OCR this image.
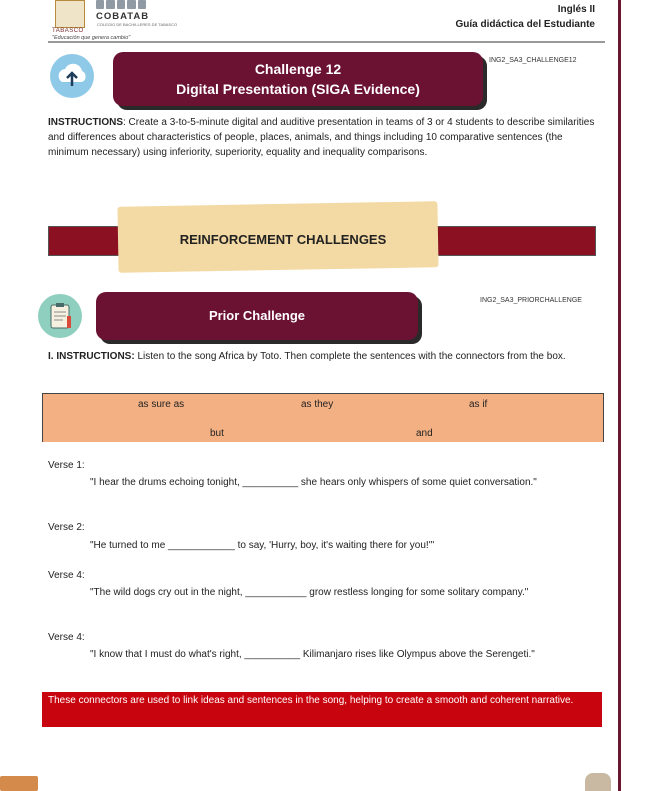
TABASCO
COBATAB
COLEGIO DE BACHILLERES DE TABASCO
"Educación que genera cambio"
Inglés II
Guía didáctica del Estudiante
Challenge 12
Digital Presentation (SIGA Evidence)
ING2_SA3_CHALLENGE12
INSTRUCTIONS: Create a 3-to-5-minute digital and auditive presentation in teams of 3 or 4 students to describe similarities and differences about characteristics of people, places, animals, and things including 10 comparative sentences (the minimum necessary) using inferiority, superiority, equality and inequality comparisons.
REINFORCEMENT CHALLENGES
Prior Challenge
ING2_SA3_PRIORCHALLENGE
I. INSTRUCTIONS: Listen to the song Africa by Toto. Then complete the sentences with the connectors from the box.
as sure as	as they	as if
but	and
Verse 1:
"I hear the drums echoing tonight, __________ she hears only whispers of some quiet conversation."
Verse 2:
"He turned to me ____________ to say, 'Hurry, boy, it's waiting there for you!'"
Verse 4:
"The wild dogs cry out in the night, ___________ grow restless longing for some solitary company."
Verse 4:
"I know that I must do what's right, __________ Kilimanjaro rises like Olympus above the Serengeti."
These connectors are used to link ideas and sentences in the song, helping to create a smooth and coherent narrative.
